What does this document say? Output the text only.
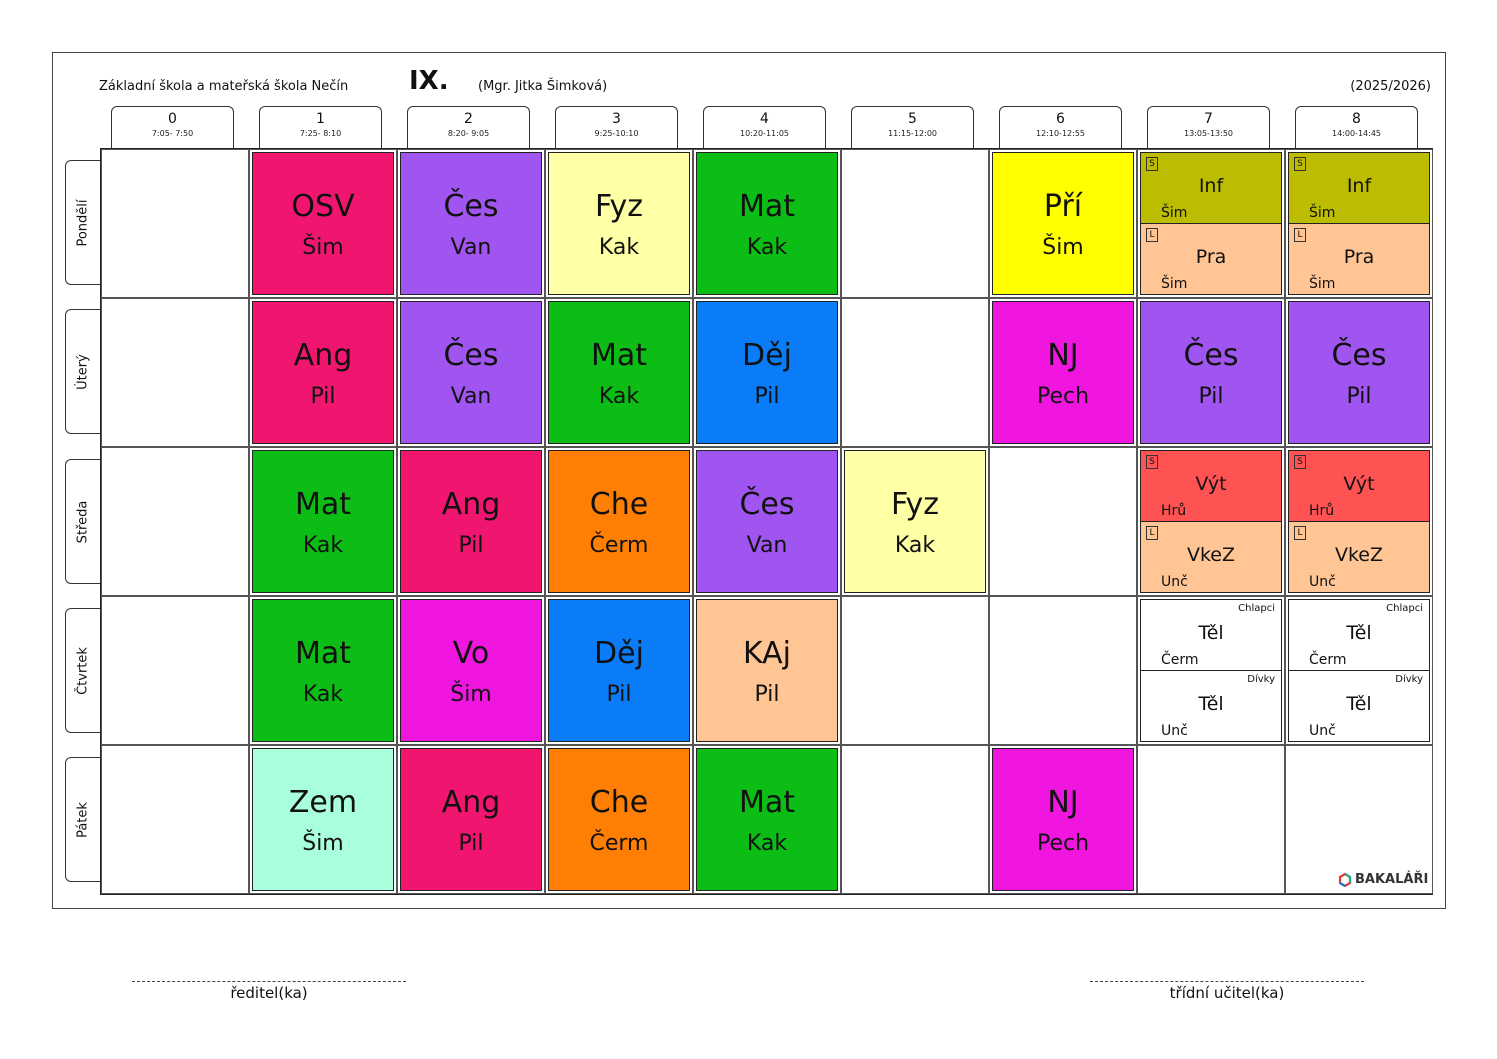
Základní škola a mateřská škola Nečín IX. (Mgr. Jitka Šimková)	(2025/2026)
0
7:05- 7:50
1
7:25- 8:10
2
8:20- 9:05
3
9:25-10:10
4
10:20-11:05
5
11:15-12:00
6
12:10-12:55
7
13:05-13:50
8
14:00-14:45
Pondělí
Úterý
Středa
Čtvrtek
Pátek
OSV
Šim
Čes
Van
Fyz
Kak
Mat
Kak
Pří
Šim
S
Inf
Šim
L
Pra
Šim
S
Inf
Šim
L
Pra
Šim
Ang
Pil
Čes
Van
Mat
Kak
Děj
Pil
NJ
Pech
Čes
Pil
Čes
Pil
Mat
Kak
Ang
Pil
Che
Čerm
Čes
Van
Fyz
Kak
S
Výt
Hrů
L
VkeZ
Unč
S
Výt
Hrů
L
VkeZ
Unč
Mat
Kak
Vo
Šim
Děj
Pil
KAj
Pil
Chlapci
Těl
Čerm
Dívky
Těl
Unč
Chlapci
Těl
Čerm
Dívky
Těl
Unč
Zem
Šim
Ang
Pil
Che
Čerm
Mat
Kak
NJ
Pech
BAKALÁŘI
ředitel(ka)	třídní učitel(ka)
